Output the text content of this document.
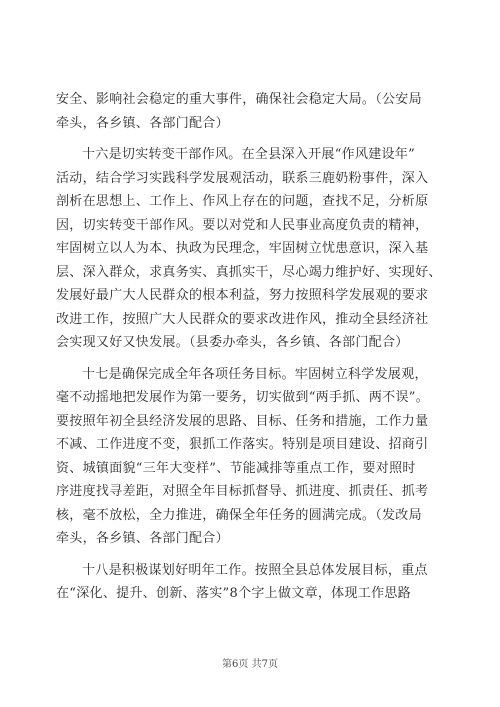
安全、影响社会稳定的重大事件，确保社会稳定大局。（公安局
牵头，各乡镇、各部门配合）
十六是切实转变干部作风。在全县深入开展“作风建设年”
活动，结合学习实践科学发展观活动，联系三鹿奶粉事件，深入
剖析在思想上、工作上、作风上存在的问题，查找不足，分析原
因，切实转变干部作风。要以对党和人民事业高度负责的精神，
牢固树立以人为本、执政为民理念，牢固树立忧患意识，深入基
层、深入群众，求真务实、真抓实干，尽心竭力维护好、实现好、
发展好最广大人民群众的根本利益，努力按照科学发展观的要求
改进工作，按照广大人民群众的要求改进作风，推动全县经济社
会实现又好又快发展。（县委办牵头，各乡镇、各部门配合）
十七是确保完成全年各项任务目标。牢固树立科学发展观，
毫不动摇地把发展作为第一要务，切实做到“两手抓、两不误”。
要按照年初全县经济发展的思路、目标、任务和措施，工作力量
不减、工作进度不变，狠抓工作落实。特别是项目建设、招商引
资、城镇面貌“三年大变样”、节能减排等重点工作，要对照时
序进度找寻差距，对照全年目标抓督导、抓进度、抓责任、抓考
核，毫不放松，全力推进，确保全年任务的圆满完成。（发改局
牵头，各乡镇、各部门配合）
十八是积极谋划好明年工作。按照全县总体发展目标，重点
在“深化、提升、创新、落实”8个字上做文章，体现工作思路
第6页 共7页
